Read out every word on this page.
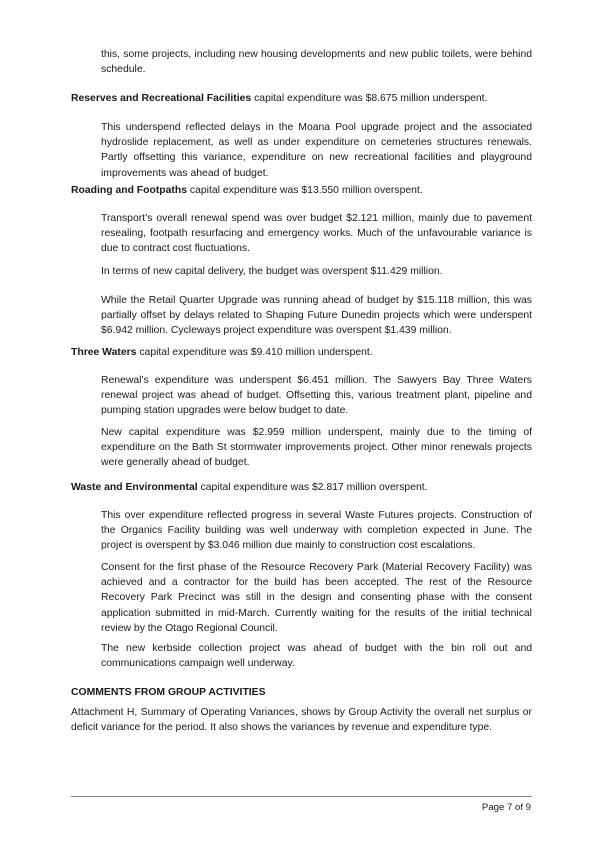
this, some projects, including new housing developments and new public toilets, were behind schedule.

Reserves and Recreational Facilities capital expenditure was $8.675 million underspent.

This underspend reflected delays in the Moana Pool upgrade project and the associated hydroslide replacement, as well as under expenditure on cemeteries structures renewals. Partly offsetting this variance, expenditure on new recreational facilities and playground improvements was ahead of budget.

Roading and Footpaths capital expenditure was $13.550 million overspent.

Transport’s overall renewal spend was over budget $2.121 million, mainly due to pavement resealing, footpath resurfacing and emergency works. Much of the unfavourable variance is due to contract cost fluctuations.

In terms of new capital delivery, the budget was overspent $11.429 million.

While the Retail Quarter Upgrade was running ahead of budget by $15.118 million, this was partially offset by delays related to Shaping Future Dunedin projects which were underspent $6.942 million. Cycleways project expenditure was overspent $1.439 million.

Three Waters capital expenditure was $9.410 million underspent.

Renewal’s expenditure was underspent $6.451 million. The Sawyers Bay Three Waters renewal project was ahead of budget. Offsetting this, various treatment plant, pipeline and pumping station upgrades were below budget to date.

New capital expenditure was $2.959 million underspent, mainly due to the timing of expenditure on the Bath St stormwater improvements project. Other minor renewals projects were generally ahead of budget.

Waste and Environmental capital expenditure was $2.817 million overspent.

This over expenditure reflected progress in several Waste Futures projects. Construction of the Organics Facility building was well underway with completion expected in June. The project is overspent by $3.046 million due mainly to construction cost escalations.

Consent for the first phase of the Resource Recovery Park (Material Recovery Facility) was achieved and a contractor for the build has been accepted. The rest of the Resource Recovery Park Precinct was still in the design and consenting phase with the consent application submitted in mid-March. Currently waiting for the results of the initial technical review by the Otago Regional Council.

The new kerbside collection project was ahead of budget with the bin roll out and communications campaign well underway.

COMMENTS FROM GROUP ACTIVITIES

Attachment H, Summary of Operating Variances, shows by Group Activity the overall net surplus or deficit variance for the period. It also shows the variances by revenue and expenditure type.

Page 7 of 9
